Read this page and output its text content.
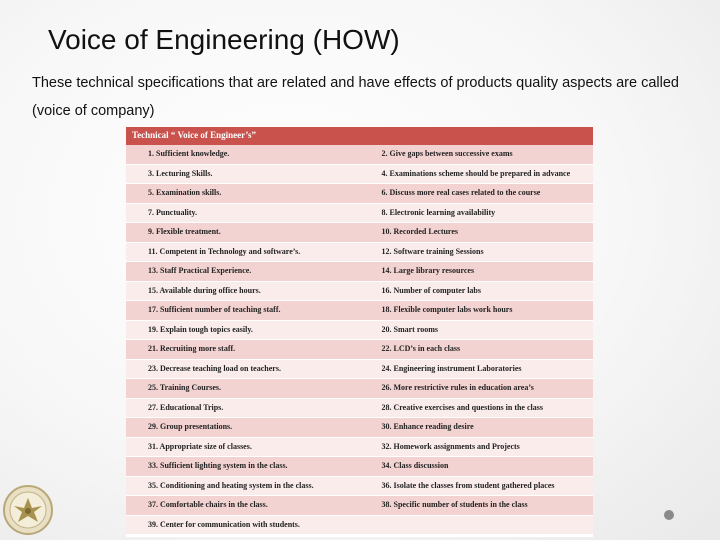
Voice of Engineering (HOW)
These technical specifications that are related and have effects of products quality aspects are called (voice of company)
Technical “ Voice of Engineer’s”
1. Sufficient knowledge.	2. Give gaps between successive exams
3. Lecturing Skills.	4. Examinations scheme should be prepared in advance
5. Examination skills.	6. Discuss more real cases related to the course
7. Punctuality.	8. Electronic learning availability
9. Flexible treatment.	10. Recorded Lectures
11. Competent in Technology and software’s.	12. Software training Sessions
13. Staff Practical Experience.	14. Large library resources
15. Available during office hours.	16. Number of computer labs
17. Sufficient number of teaching staff.	18. Flexible computer labs work hours
19. Explain tough topics easily.	20. Smart rooms
21. Recruiting more staff.	22. LCD’s in each class
23. Decrease teaching load on teachers.	24. Engineering instrument Laboratories
25. Training Courses.	26. More restrictive rules in education area’s
27. Educational Trips.	28. Creative exercises and questions in the class
29. Group presentations.	30. Enhance reading desire
31. Appropriate size of classes.	32. Homework assignments and Projects
33. Sufficient lighting system in the class.	34. Class discussion
35. Conditioning and heating system in the class.	36. Isolate the classes from student gathered places
37. Comfortable chairs in the class.	38. Specific number of students in the class
39. Center for communication with students.
